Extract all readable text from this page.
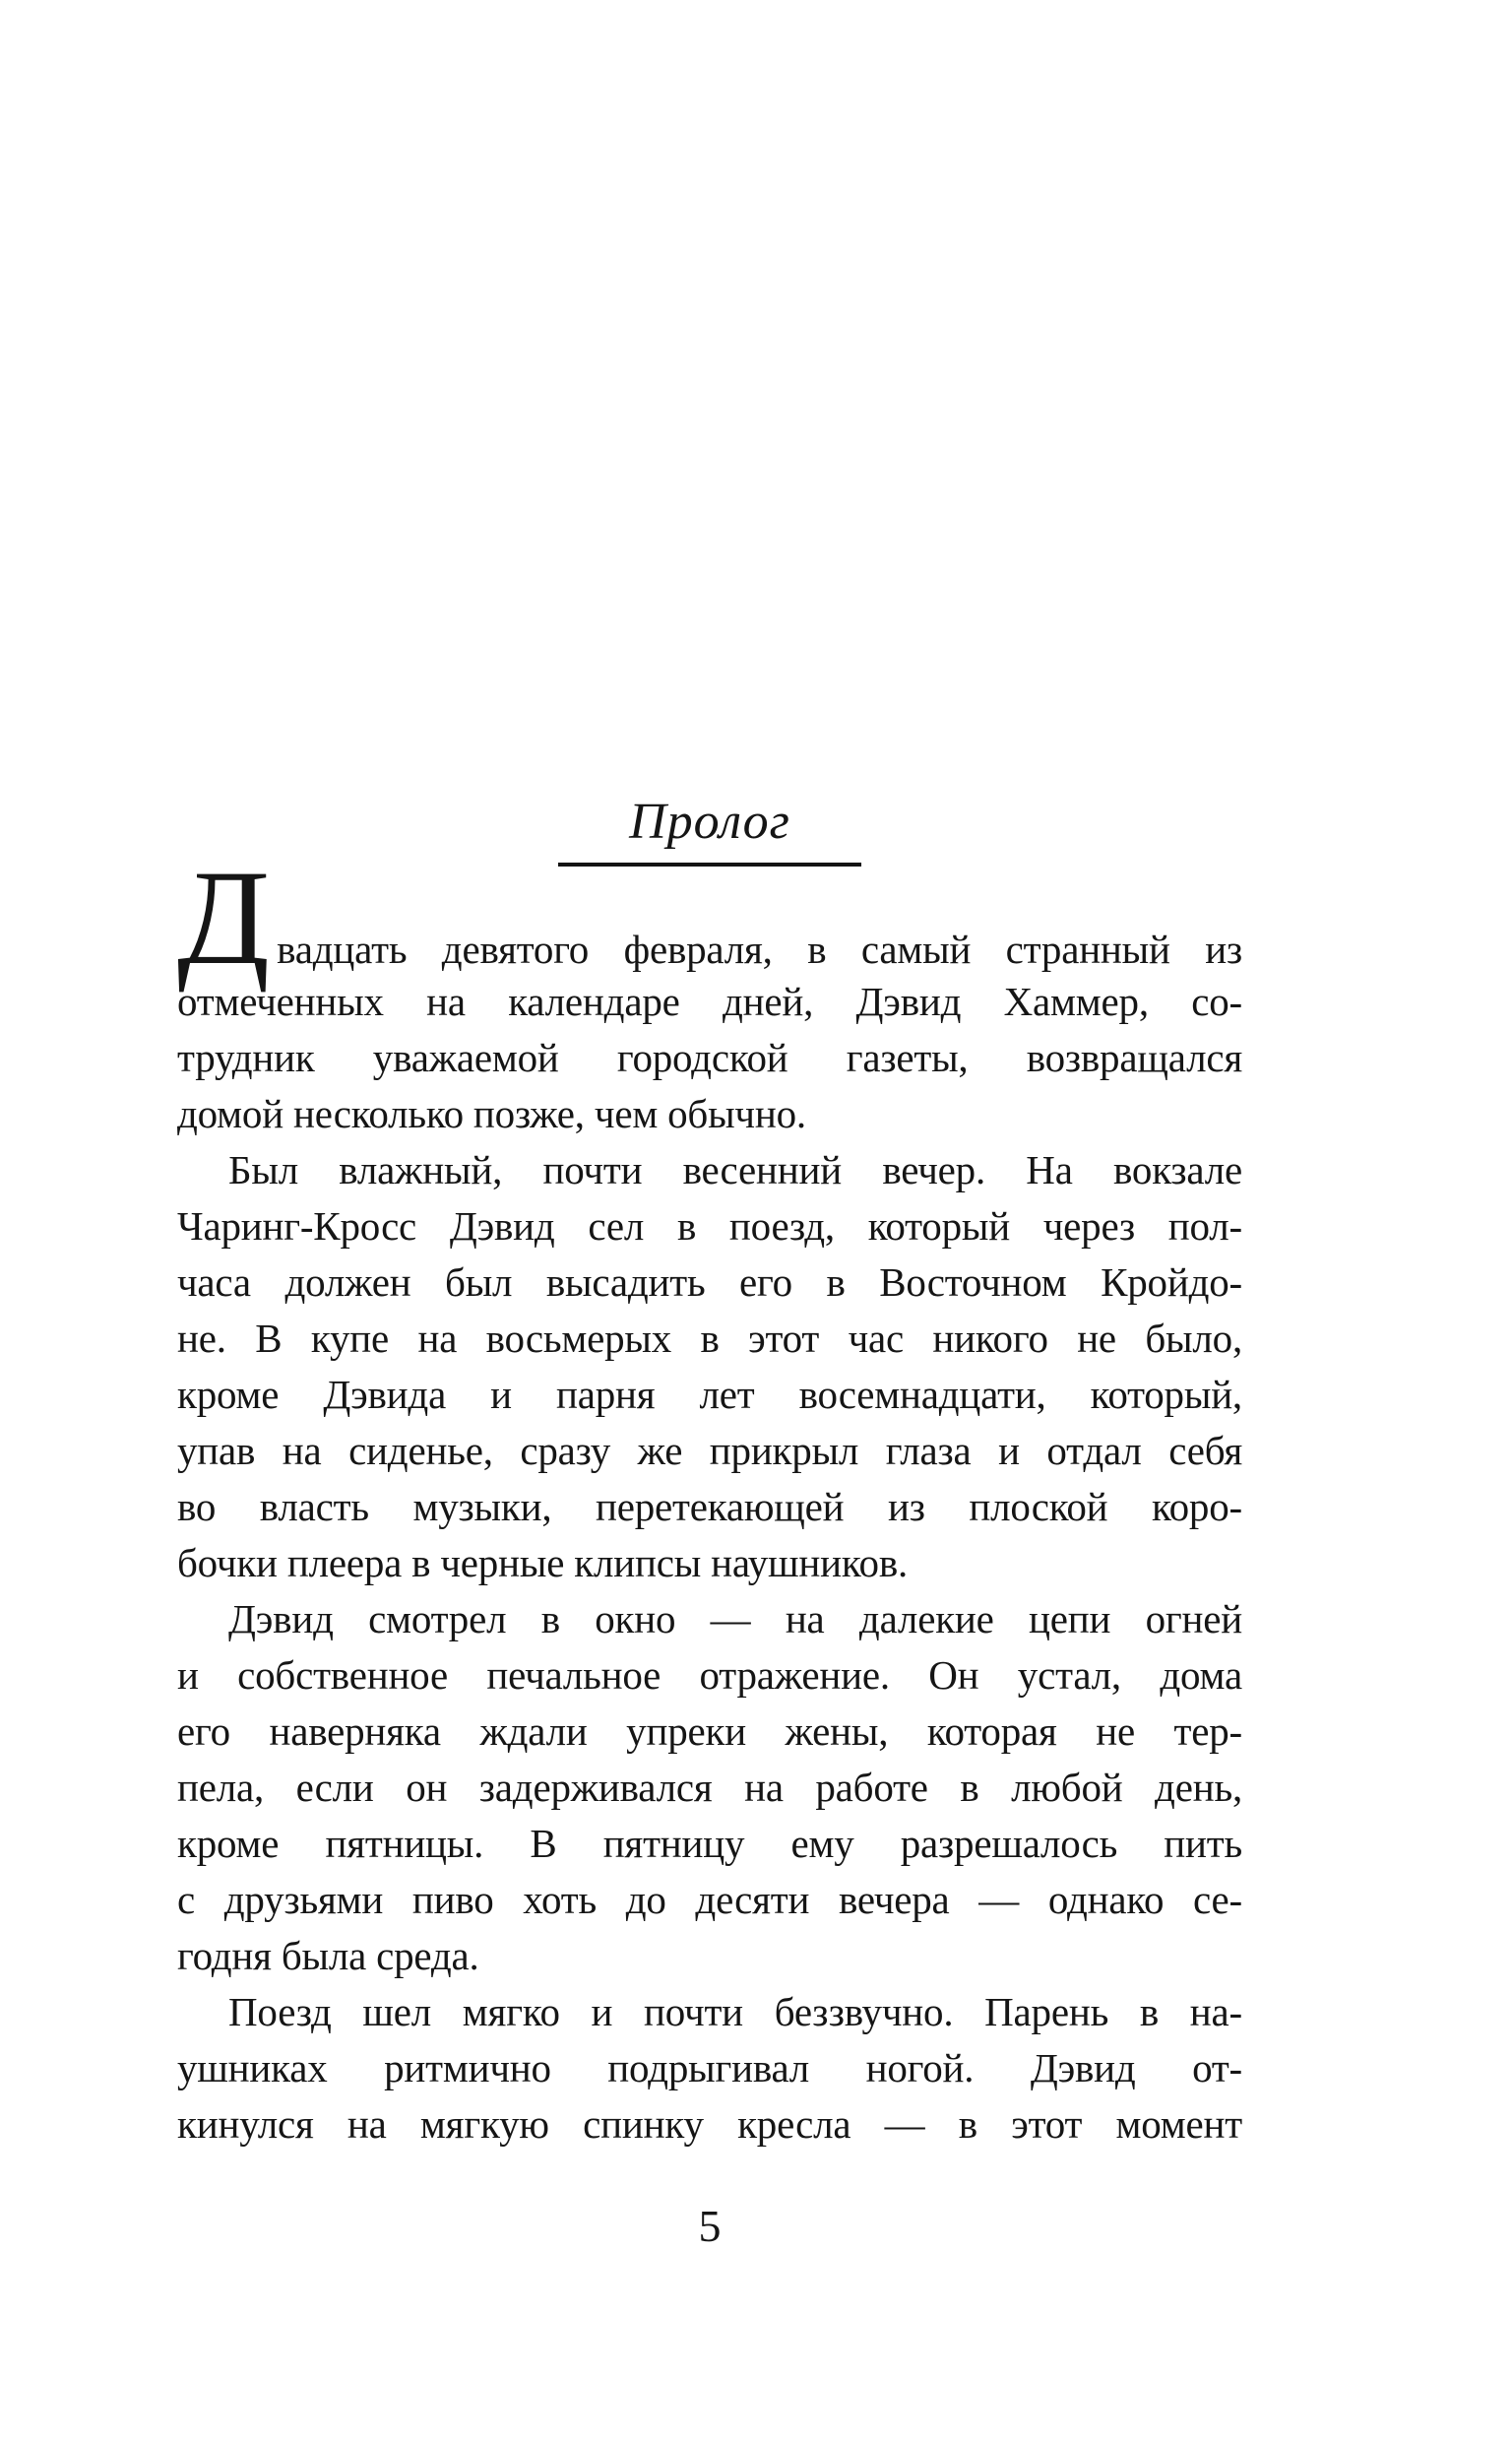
Пролог
Двадцать девятого февраля, в самый странный из
отмеченных на календаре дней, Дэвид Хаммер, со-
трудник уважаемой городской газеты, возвращался
домой несколько позже, чем обычно.
Был влажный, почти весенний вечер. На вокзале
Чаринг-Кросс Дэвид сел в поезд, который через пол-
часа должен был высадить его в Восточном Кройдо-
не. В купе на восьмерых в этот час никого не было,
кроме Дэвида и парня лет восемнадцати, который,
упав на сиденье, сразу же прикрыл глаза и отдал себя
во власть музыки, перетекающей из плоской коро-
бочки плеера в черные клипсы наушников.
Дэвид смотрел в окно — на далекие цепи огней
и собственное печальное отражение. Он устал, дома
его наверняка ждали упреки жены, которая не тер-
пела, если он задерживался на работе в любой день,
кроме пятницы. В пятницу ему разрешалось пить
с друзьями пиво хоть до десяти вечера — однако се-
годня была среда.
Поезд шел мягко и почти беззвучно. Парень в на-
ушниках ритмично подрыгивал ногой. Дэвид от-
кинулся на мягкую спинку кресла — в этот момент
5
